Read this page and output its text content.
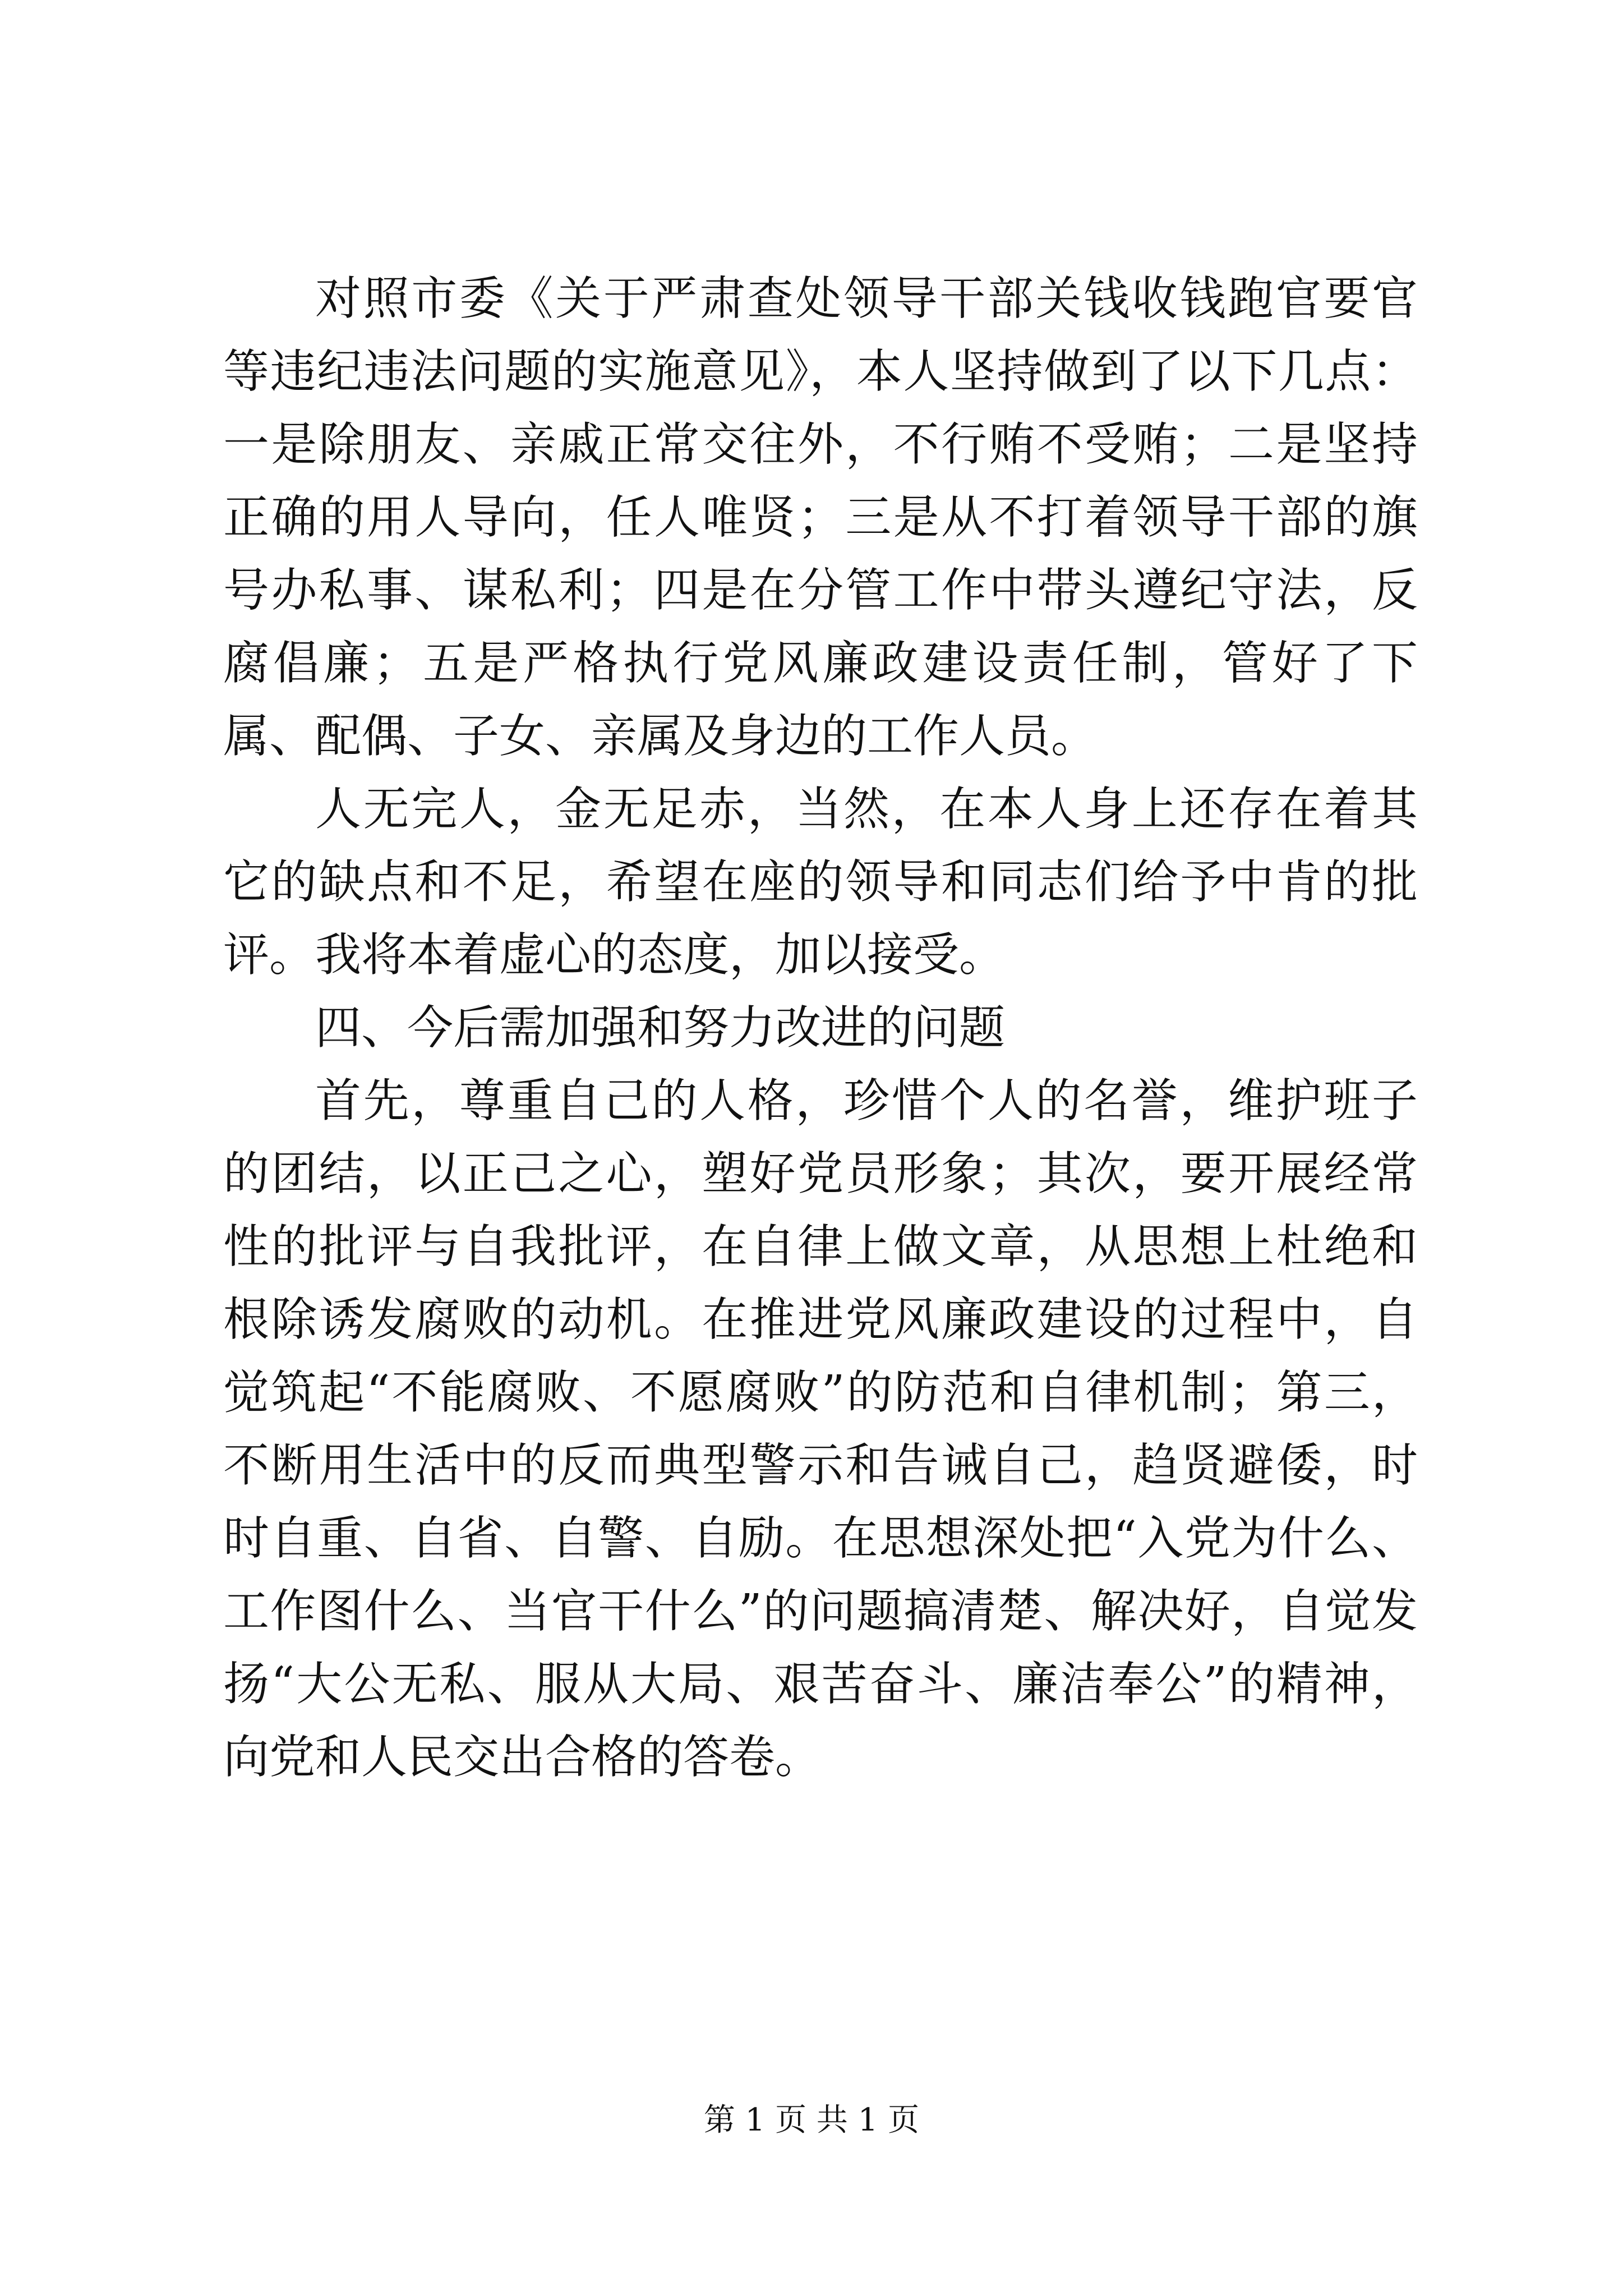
对照市委《关于严肃查处领导干部关钱收钱跑官要官等违纪违法问题的实施意见》，本人坚持做到了以下几点：一是除朋友、亲戚正常交往外，不行贿不受贿；二是坚持正确的用人导向，任人唯贤；三是从不打着领导干部的旗号办私事、谋私利；四是在分管工作中带头遵纪守法，反腐倡廉；五是严格执行党风廉政建设责任制，管好了下属、配偶、子女、亲属及身边的工作人员。

人无完人，金无足赤，当然，在本人身上还存在着其它的缺点和不足，希望在座的领导和同志们给予中肯的批评。我将本着虚心的态度，加以接受。

四、今后需加强和努力改进的问题

首先，尊重自己的人格，珍惜个人的名誉，维护班子的团结，以正己之心，塑好党员形象；其次，要开展经常性的批评与自我批评，在自律上做文章，从思想上杜绝和根除诱发腐败的动机。在推进党风廉政建设的过程中，自觉筑起“不能腐败、不愿腐败”的防范和自律机制；第三，不断用生活中的反而典型警示和告诫自己，趋贤避倭，时时自重、自省、自警、自励。在思想深处把“入党为什么、工作图什么、当官干什么”的问题搞清楚、解决好，自觉发扬“大公无私、服从大局、艰苦奋斗、廉洁奉公”的精神，向党和人民交出合格的答卷。

第 1 页 共 1 页
